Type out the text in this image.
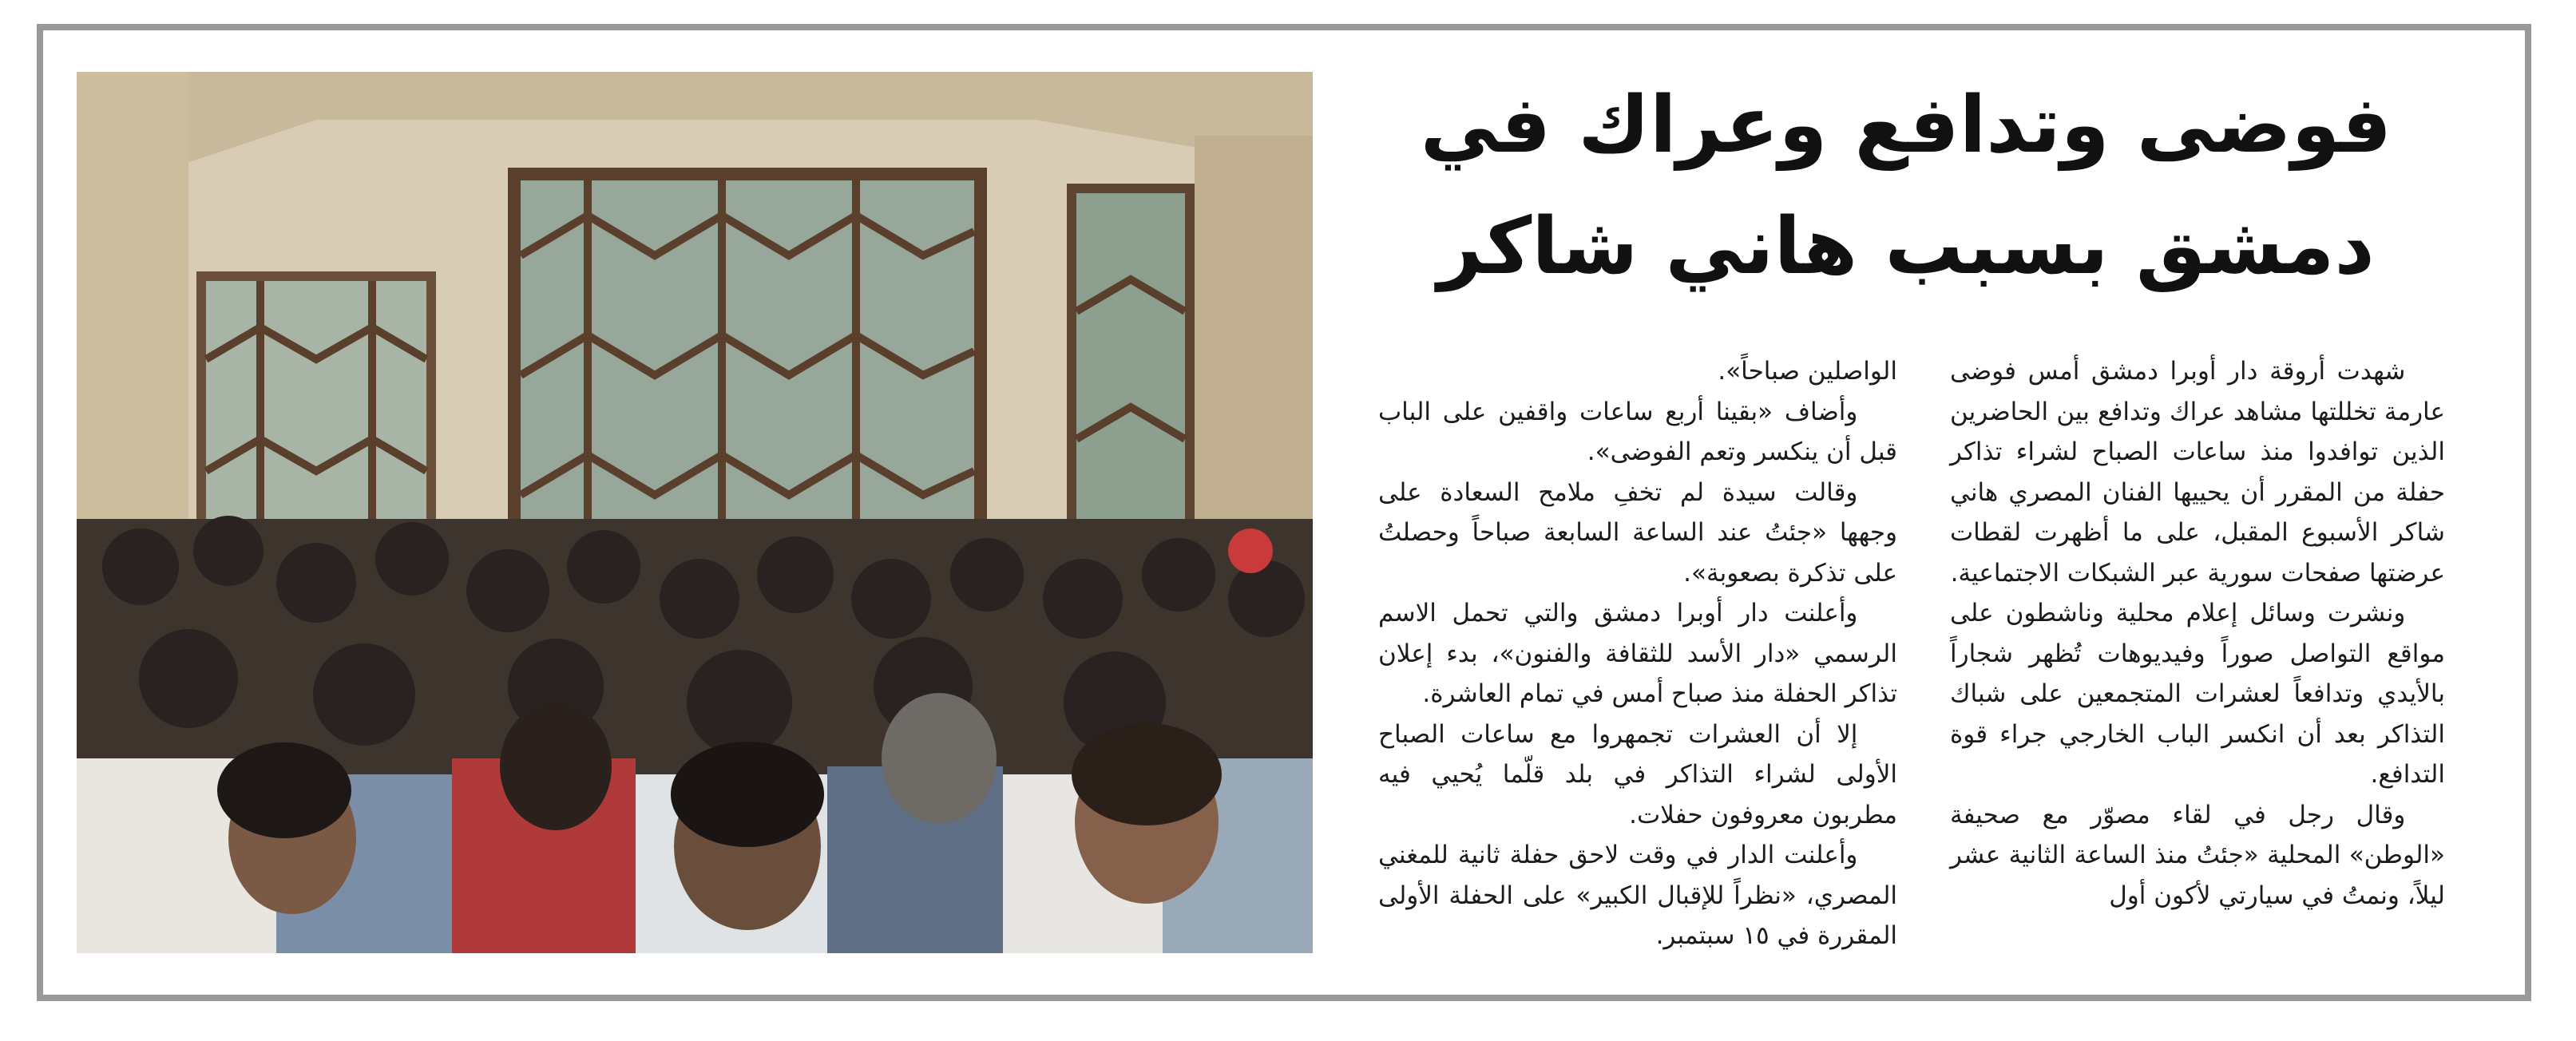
فوضى وتدافع وعراك في
دمشق بسبب هاني شاكر

شهدت أروقة دار أوبرا دمشق أمس فوضى عارمة تخللتها مشاهد عراك وتدافع بين الحاضرين الذين توافدوا منذ ساعات الصباح لشراء تذاكر حفلة من المقرر أن يحييها الفنان المصري هاني شاكر الأسبوع المقبل، على ما أظهرت لقطات عرضتها صفحات سورية عبر الشبكات الاجتماعية.

ونشرت وسائل إعلام محلية وناشطون على مواقع التواصل صوراً وفيديوهات تُظهر شجاراً بالأيدي وتدافعاً لعشرات المتجمعين على شباك التذاكر بعد أن انكسر الباب الخارجي جراء قوة التدافع.

وقال رجل في لقاء مصوّر مع صحيفة «الوطن» المحلية «جئتُ منذ الساعة الثانية عشر ليلاً، ونمتُ في سيارتي لأكون أول

الواصلين صباحاً».

وأضاف «بقينا أربع ساعات واقفين على الباب قبل أن ينكسر وتعم الفوضى».

وقالت سيدة لم تخفِ ملامح السعادة على وجهها «جئتُ عند الساعة السابعة صباحاً وحصلتُ على تذكرة بصعوبة».

وأعلنت دار أوبرا دمشق والتي تحمل الاسم الرسمي «دار الأسد للثقافة والفنون»، بدء إعلان تذاكر الحفلة منذ صباح أمس في تمام العاشرة.

إلا أن العشرات تجمهروا مع ساعات الصباح الأولى لشراء التذاكر في بلد قلّما يُحيي فيه مطربون معروفون حفلات.

وأعلنت الدار في وقت لاحق حفلة ثانية للمغني المصري، «نظراً للإقبال الكبير» على الحفلة الأولى المقررة في ١٥ سبتمبر.
